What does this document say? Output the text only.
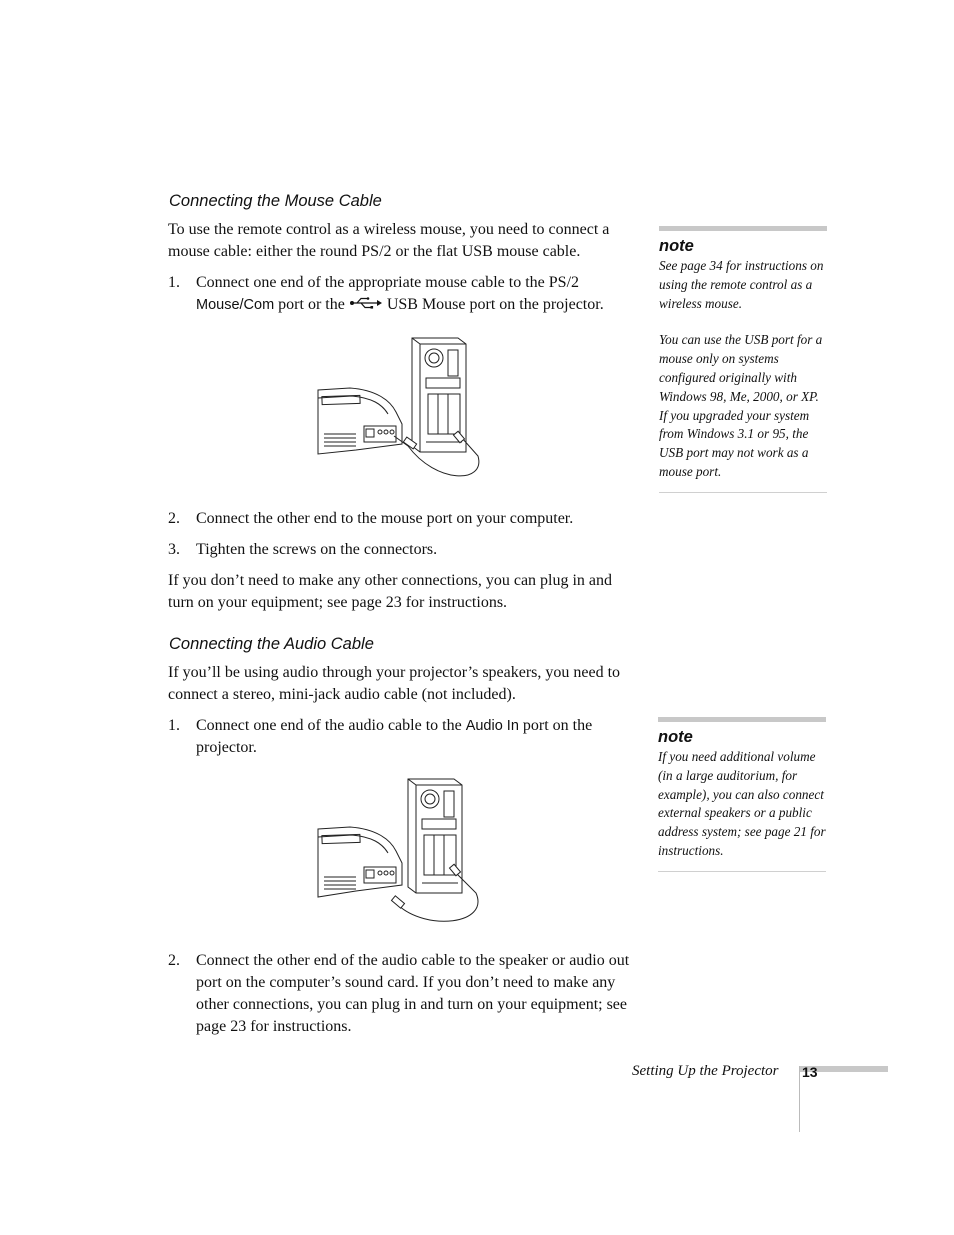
Connecting the Mouse Cable
To use the remote control as a wireless mouse, you need to connect a mouse cable: either the round PS/2 or the flat USB mouse cable.
1. Connect one end of the appropriate mouse cable to the PS/2
Mouse/Com port or the  USB Mouse port on the projector.
2. Connect the other end to the mouse port on your computer.
3. Tighten the screws on the connectors.
If you don’t need to make any other connections, you can plug in and turn on your equipment; see page 23 for instructions.
Connecting the Audio Cable
If you’ll be using audio through your projector’s speakers, you need to connect a stereo, mini-jack audio cable (not included).
1. Connect one end of the audio cable to the Audio In port on the projector.
2. Connect the other end of the audio cable to the speaker or audio out port on the computer’s sound card. If you don’t need to make any other connections, you can plug in and turn on your equipment; see page 23 for instructions.
note
See page 34 for instructions on using the remote control as a wireless mouse.
You can use the USB port for a mouse only on systems configured originally with Windows 98, Me, 2000, or XP. If you upgraded your system from Windows 3.1 or 95, the USB port may not work as a mouse port.
note
If you need additional volume (in a large auditorium, for example), you can also connect external speakers or a public address system; see page 21 for instructions.
Setting Up the Projector 13
